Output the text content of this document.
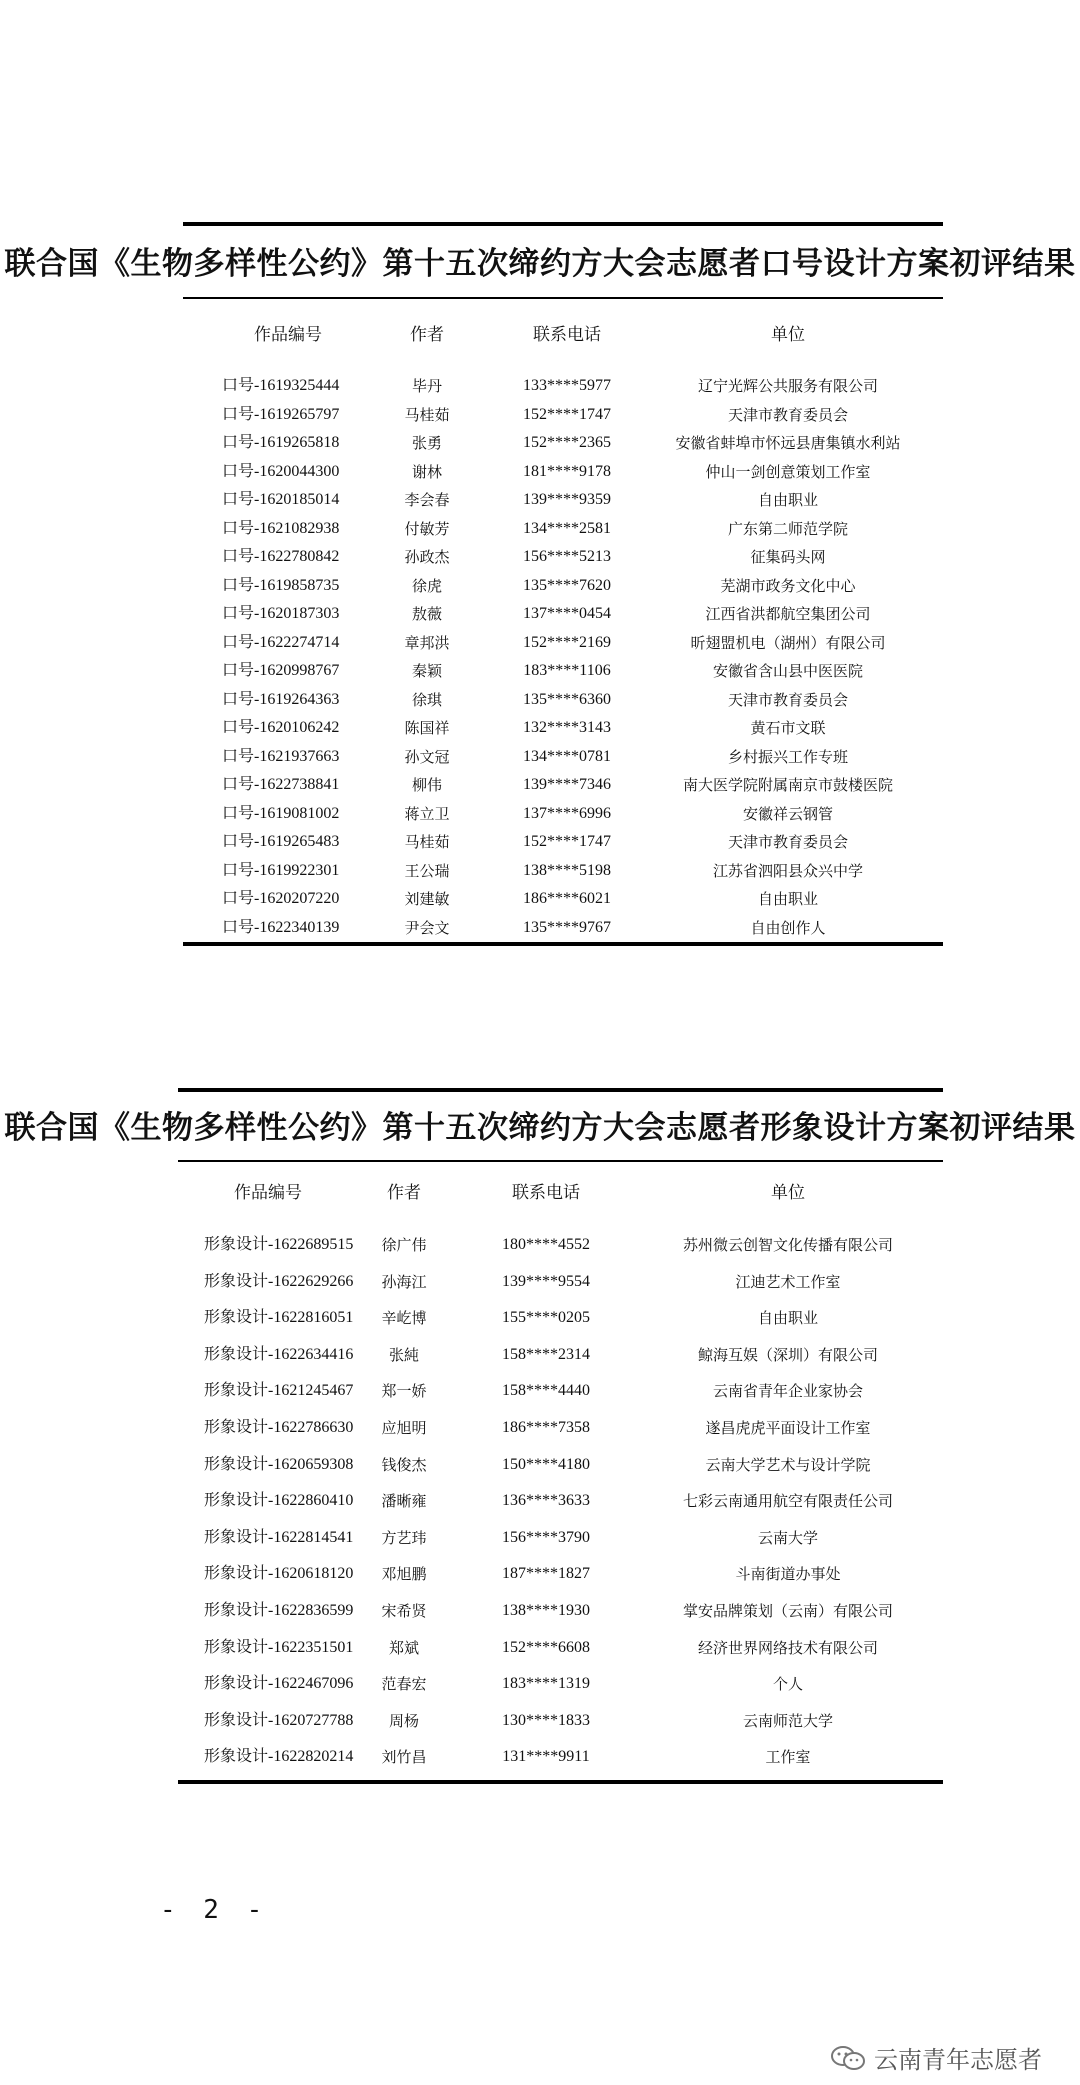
联合国《生物多样性公约》第十五次缔约方大会志愿者口号设计方案初评结果
作品编号	作者	联系电话	单位
口号-1619325444	毕丹	133****5977	辽宁光辉公共服务有限公司
口号-1619265797	马桂茹	152****1747	天津市教育委员会
口号-1619265818	张勇	152****2365	安徽省蚌埠市怀远县唐集镇水利站
口号-1620044300	谢林	181****9178	仲山一剑创意策划工作室
口号-1620185014	李会春	139****9359	自由职业
口号-1621082938	付敏芳	134****2581	广东第二师范学院
口号-1622780842	孙政杰	156****5213	征集码头网
口号-1619858735	徐虎	135****7620	芜湖市政务文化中心
口号-1620187303	敖薇	137****0454	江西省洪都航空集团公司
口号-1622274714	章邦洪	152****2169	昕翅盟机电（湖州）有限公司
口号-1620998767	秦颖	183****1106	安徽省含山县中医医院
口号-1619264363	徐琪	135****6360	天津市教育委员会
口号-1620106242	陈国祥	132****3143	黄石市文联
口号-1621937663	孙文冠	134****0781	乡村振兴工作专班
口号-1622738841	柳伟	139****7346	南大医学院附属南京市鼓楼医院
口号-1619081002	蒋立卫	137****6996	安徽祥云钢管
口号-1619265483	马桂茹	152****1747	天津市教育委员会
口号-1619922301	王公瑞	138****5198	江苏省泗阳县众兴中学
口号-1620207220	刘建敏	186****6021	自由职业
口号-1622340139	尹会文	135****9767	自由创作人
联合国《生物多样性公约》第十五次缔约方大会志愿者形象设计方案初评结果
作品编号	作者	联系电话	单位
形象设计-1622689515 徐广伟	180****4552	苏州微云创智文化传播有限公司
形象设计-1622629266 孙海江	139****9554	江迪艺术工作室
形象设计-1622816051 辛屹博	155****0205	自由职业
形象设计-1622634416 张純	158****2314	鲸海互娱（深圳）有限公司
形象设计-1621245467 郑一娇	158****4440	云南省青年企业家协会
形象设计-1622786630 应旭明	186****7358	遂昌虎虎平面设计工作室
形象设计-1620659308 钱俊杰	150****4180	云南大学艺术与设计学院
形象设计-1622860410 潘晰雍	136****3633	七彩云南通用航空有限责任公司
形象设计-1622814541 方艺玮	156****3790	云南大学
形象设计-1620618120 邓旭鹏	187****1827	斗南街道办事处
形象设计-1622836599 宋希贤	138****1930	掌安品牌策划（云南）有限公司
形象设计-1622351501 郑斌	152****6608	经济世界网络技术有限公司
形象设计-1622467096 范春宏	183****1319	个人
形象设计-1620727788 周杨	130****1833	云南师范大学
形象设计-1622820214 刘竹昌	131****9911	工作室
- 2 -
云南青年志愿者
